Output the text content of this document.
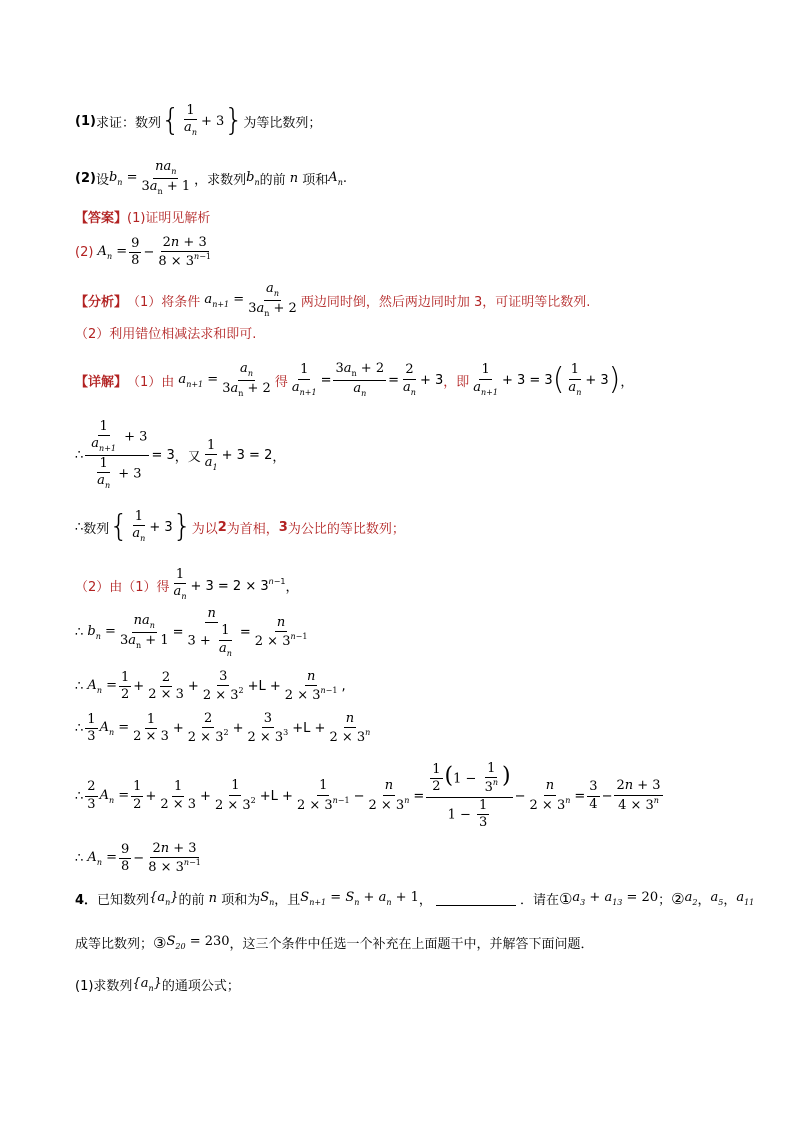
(1) 求证：数列 { $\frac{1}{a_n} + 3$ } 为等比数列；
(2) 设 $b_n = \frac{na_n}{3a_n + 1}$ ，求数列 $b_n$ 的前 n 项和 $A_n$ .
【答案】 (1)证明见解析
(2) $A_n = \frac{9}{8} - \frac{2n + 3}{8 \times 3^{n-1}}$
【分析】 （1）将条件 $a_{n+1} = \frac{a_n}{3a_n + 2}$ 两边同时倒，然后两边同时加 3，可证明等比数列.
（2）利用错位相减法求和即可.
【详解】 （1）由 $a_{n+1} = \frac{a_n}{3a_n + 2}$ 得 $\frac{1}{a_{n+1}} = \frac{3a_n + 2}{a_n} = \frac{2}{a_n} + 3$ ，即 $\frac{1}{a_{n+1}} + 3 = 3$ ( $\frac{1}{a_n} + 3$ ) ，
∴ $\frac{\frac{1}{a_{n+1}} + 3}{\frac{1}{a_n} + 3} = 3$ ，又 $\frac{1}{a_1} + 3 = 2$ ，
∴ 数列 { $\frac{1}{a_n} + 3$ } 为以 2 为首相， 3 为公比的等比数列；
（2）由（1）得 $\frac{1}{a_n} + 3 = 2 \times 3^{n-1}$ ，
∴ $b_n = \frac{na_n}{3a_n + 1} = \frac{n}{3 + \frac{1}{a_n}} = \frac{n}{2 \times 3^{n-1}}$
∴ $A_n = \frac{1}{2} + \frac{2}{2 \times 3} + \frac{3}{2 \times 3^2} + L + \frac{n}{2 \times 3^{n-1}}$ ,
∴ $\frac{1}{3} A_n = \frac{1}{2 \times 3} + \frac{2}{2 \times 3^2} + \frac{3}{2 \times 3^3} + L + \frac{n}{2 \times 3^n}$
∴ $\frac{2}{3} A_n = \frac{1}{2} + \frac{1}{2 \times 3} + \frac{1}{2 \times 3^2} + L + \frac{1}{2 \times 3^{n-1}} - \frac{n}{2 \times 3^n} = \frac{\frac{1}{2} (1 - \frac{1}{3^n} )}{1 - \frac{1}{3}} - \frac{n}{2 \times 3^n} = \frac{3}{4} - \frac{2n + 3}{4 \times 3^n}$
∴ $A_n = \frac{9}{8} - \frac{2n + 3}{8 \times 3^{n-1}}$
4． 已知数列 $\{a_n\}$ 的前 n 项和为 $S_n$ ，且 $S_{n+1} = S_n + a_n + 1$ ，	．请在 ① $a_3 + a_{13} = 20$ ； ② $a_2$ ， $a_5$ ， $a_{11}$
成等比数列； ③ $S_{20} = 230$ ，这三个条件中任选一个补充在上面题干中，并解答下面问题．
(1)求数列 $\{a_n\}$ 的通项公式；
